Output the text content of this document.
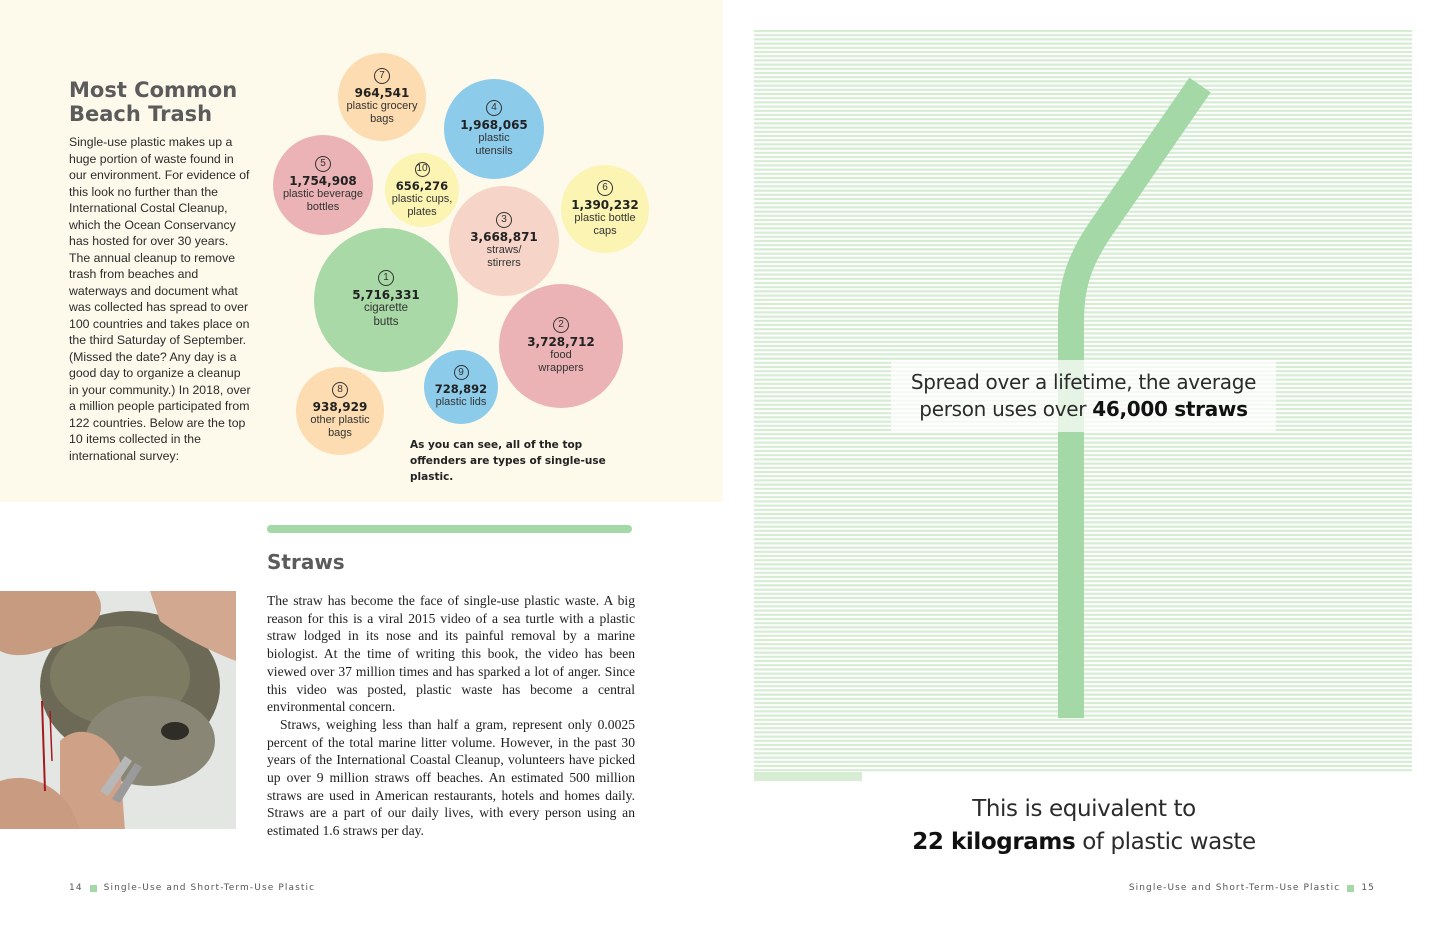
Most Common Beach Trash
Single-use plastic makes up a huge portion of waste found in our environment. For evidence of this look no further than the International Costal Cleanup, which the Ocean Conservancy has hosted for over 30 years. The annual cleanup to remove trash from beaches and waterways and document what was collected has spread to over 100 countries and takes place on the third Saturday of September. (Missed the date? Any day is a good day to organize a cleanup in your community.) In 2018, over a million people participated from 122 countries. Below are the top 10 items collected in the international survey:
1
5,716,331
cigarette
butts	2
3,728,712
food
wrappers
3
3,668,871
straws/
stirrers
4
1,968,065
plastic
utensils
5
1,754,908
plastic beverage
bottles
6
1,390,232
plastic bottle
caps
7
964,541
plastic grocery
bags
8
938,929
other plastic
bags
9
728,892
plastic lids
10
656,276
plastic cups,
plates
As you can see, all of the top offenders are types of single-use plastic.
Straws

The straw has become the face of single-use plastic waste. A big reason for this is a viral 2015 video of a sea turtle with a plastic straw lodged in its nose and its painful removal by a marine biologist. At the time of writing this book, the video has been viewed over 37 million times and has sparked a lot of anger. Since this video was posted, plastic waste has become a central environmental concern.

Straws, weighing less than half a gram, represent only 0.0025 percent of the total marine litter volume. However, in the past 30 years of the International Coastal Cleanup, volunteers have picked up over 9 million straws off beaches. An estimated 500 million straws are used in American restaurants, hotels and homes daily. Straws are a part of our daily lives, with every person using an estimated 1.6 straws per day.

14 Single-Use and Short-Term-Use Plastic
Spread over a lifetime, the average
person uses over 46,000 straws
This is equivalent to
22 kilograms of plastic waste
Single-Use and Short-Term-Use Plastic 15
